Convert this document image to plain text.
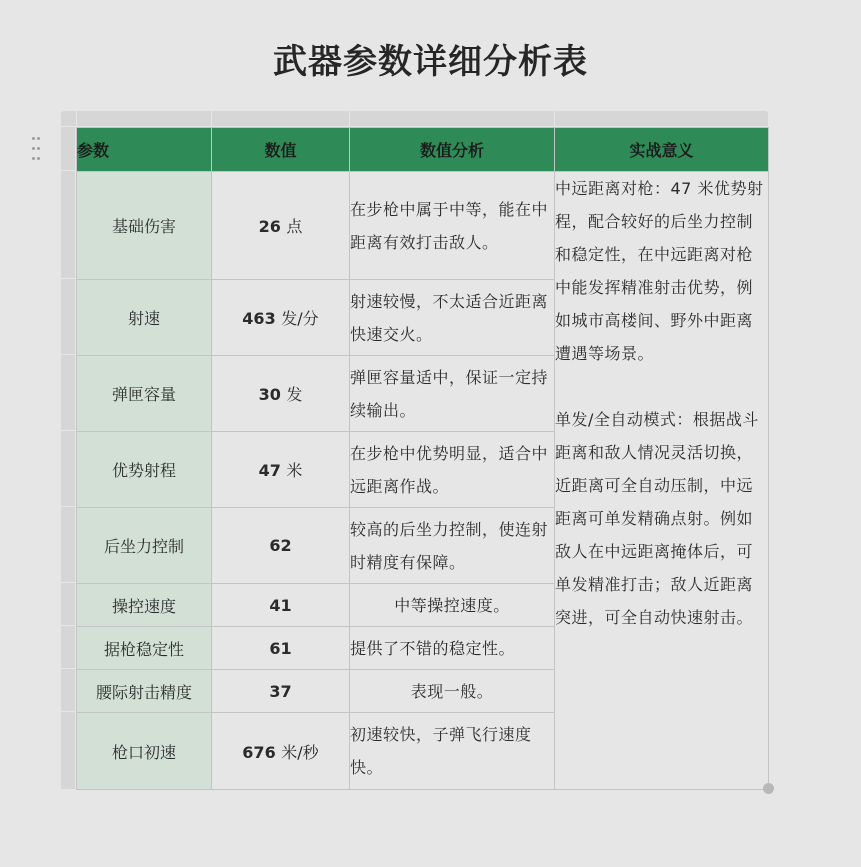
武器参数详细分析表

参数	数值	数值分析	实战意义
基础伤害	26 点	在步枪中属于中等，能在中距离有效打击敌人。	中远距离对枪：47 米优势射程，配合较好的后坐力控制和稳定性，在中远距离对枪中能发挥精准射击优势，例如城市高楼间、野外中距离遭遇等场景。

单发/全自动模式：根据战斗距离和敌人情况灵活切换，近距离可全自动压制，中远距离可单发精确点射。例如敌人在中远距离掩体后，可单发精准打击；敌人近距离突进，可全自动快速射击。

射速	463 发/分	射速较慢，不太适合近距离快速交火。	
弹匣容量	30 发	弹匣容量适中，保证一定持续输出。	
优势射程	47 米	在步枪中优势明显，适合中远距离作战。	
后坐力控制	62	较高的后坐力控制，使连射时精度有保障。	
操控速度	41	中等操控速度。	
据枪稳定性	61	提供了不错的稳定性。	
腰际射击精度	37	表现一般。	
枪口初速	676 米/秒	初速较快，子弹飞行速度快。	
